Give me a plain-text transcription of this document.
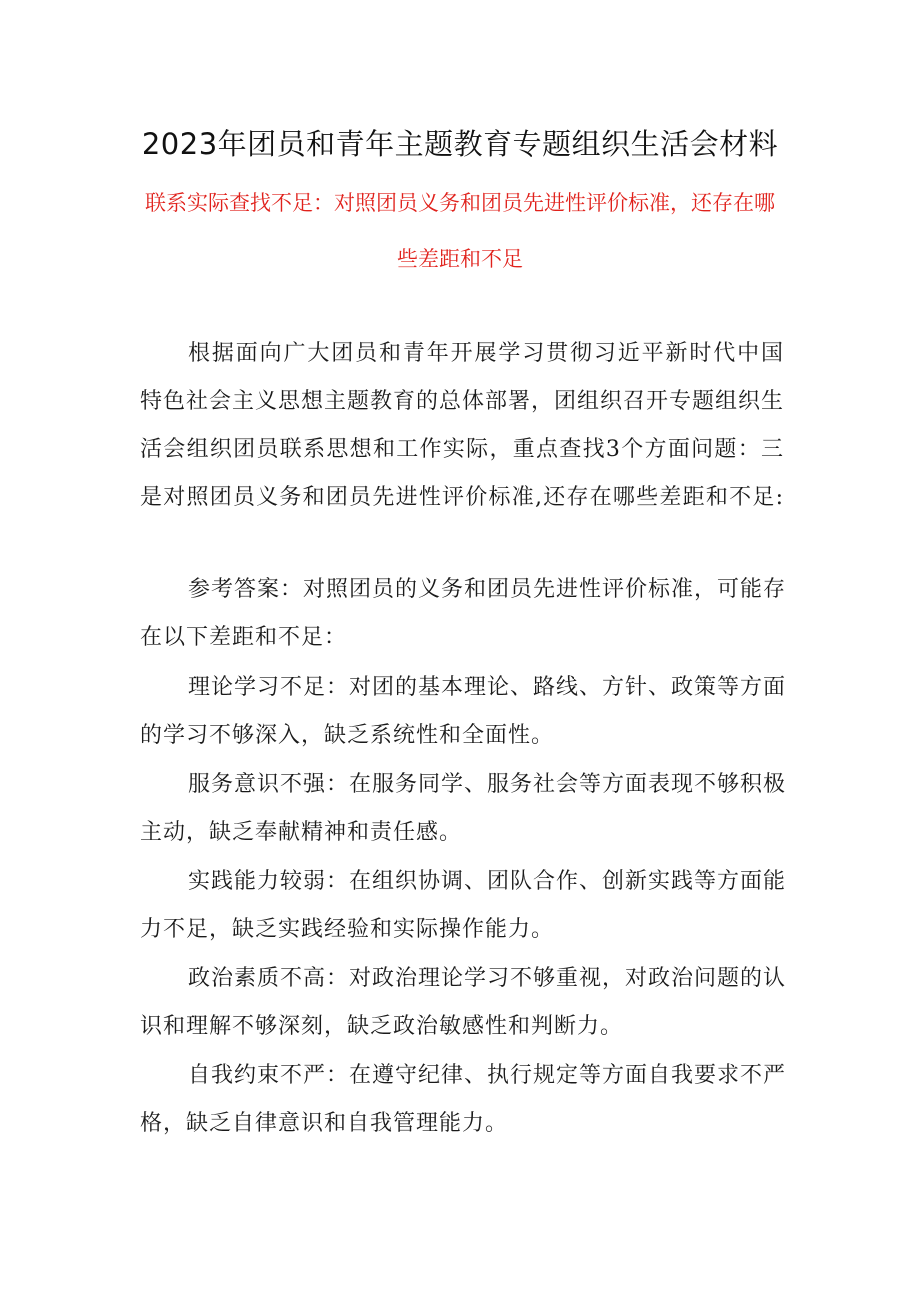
2023年团员和青年主题教育专题组织生活会材料
联系实际查找不足：对照团员义务和团员先进性评价标准，还存在哪
些差距和不足
根据面向广大团员和青年开展学习贯彻习近平新时代中国
特色社会主义思想主题教育的总体部署，团组织召开专题组织生
活会组织团员联系思想和工作实际，重点查找3个方面问题：三
是对照团员义务和团员先进性评价标准,还存在哪些差距和不足:
参考答案：对照团员的义务和团员先进性评价标准，可能存
在以下差距和不足：
理论学习不足：对团的基本理论、路线、方针、政策等方面
的学习不够深入，缺乏系统性和全面性。
服务意识不强：在服务同学、服务社会等方面表现不够积极
主动，缺乏奉献精神和责任感。
实践能力较弱：在组织协调、团队合作、创新实践等方面能
力不足，缺乏实践经验和实际操作能力。
政治素质不高：对政治理论学习不够重视，对政治问题的认
识和理解不够深刻，缺乏政治敏感性和判断力。
自我约束不严：在遵守纪律、执行规定等方面自我要求不严
格，缺乏自律意识和自我管理能力。
